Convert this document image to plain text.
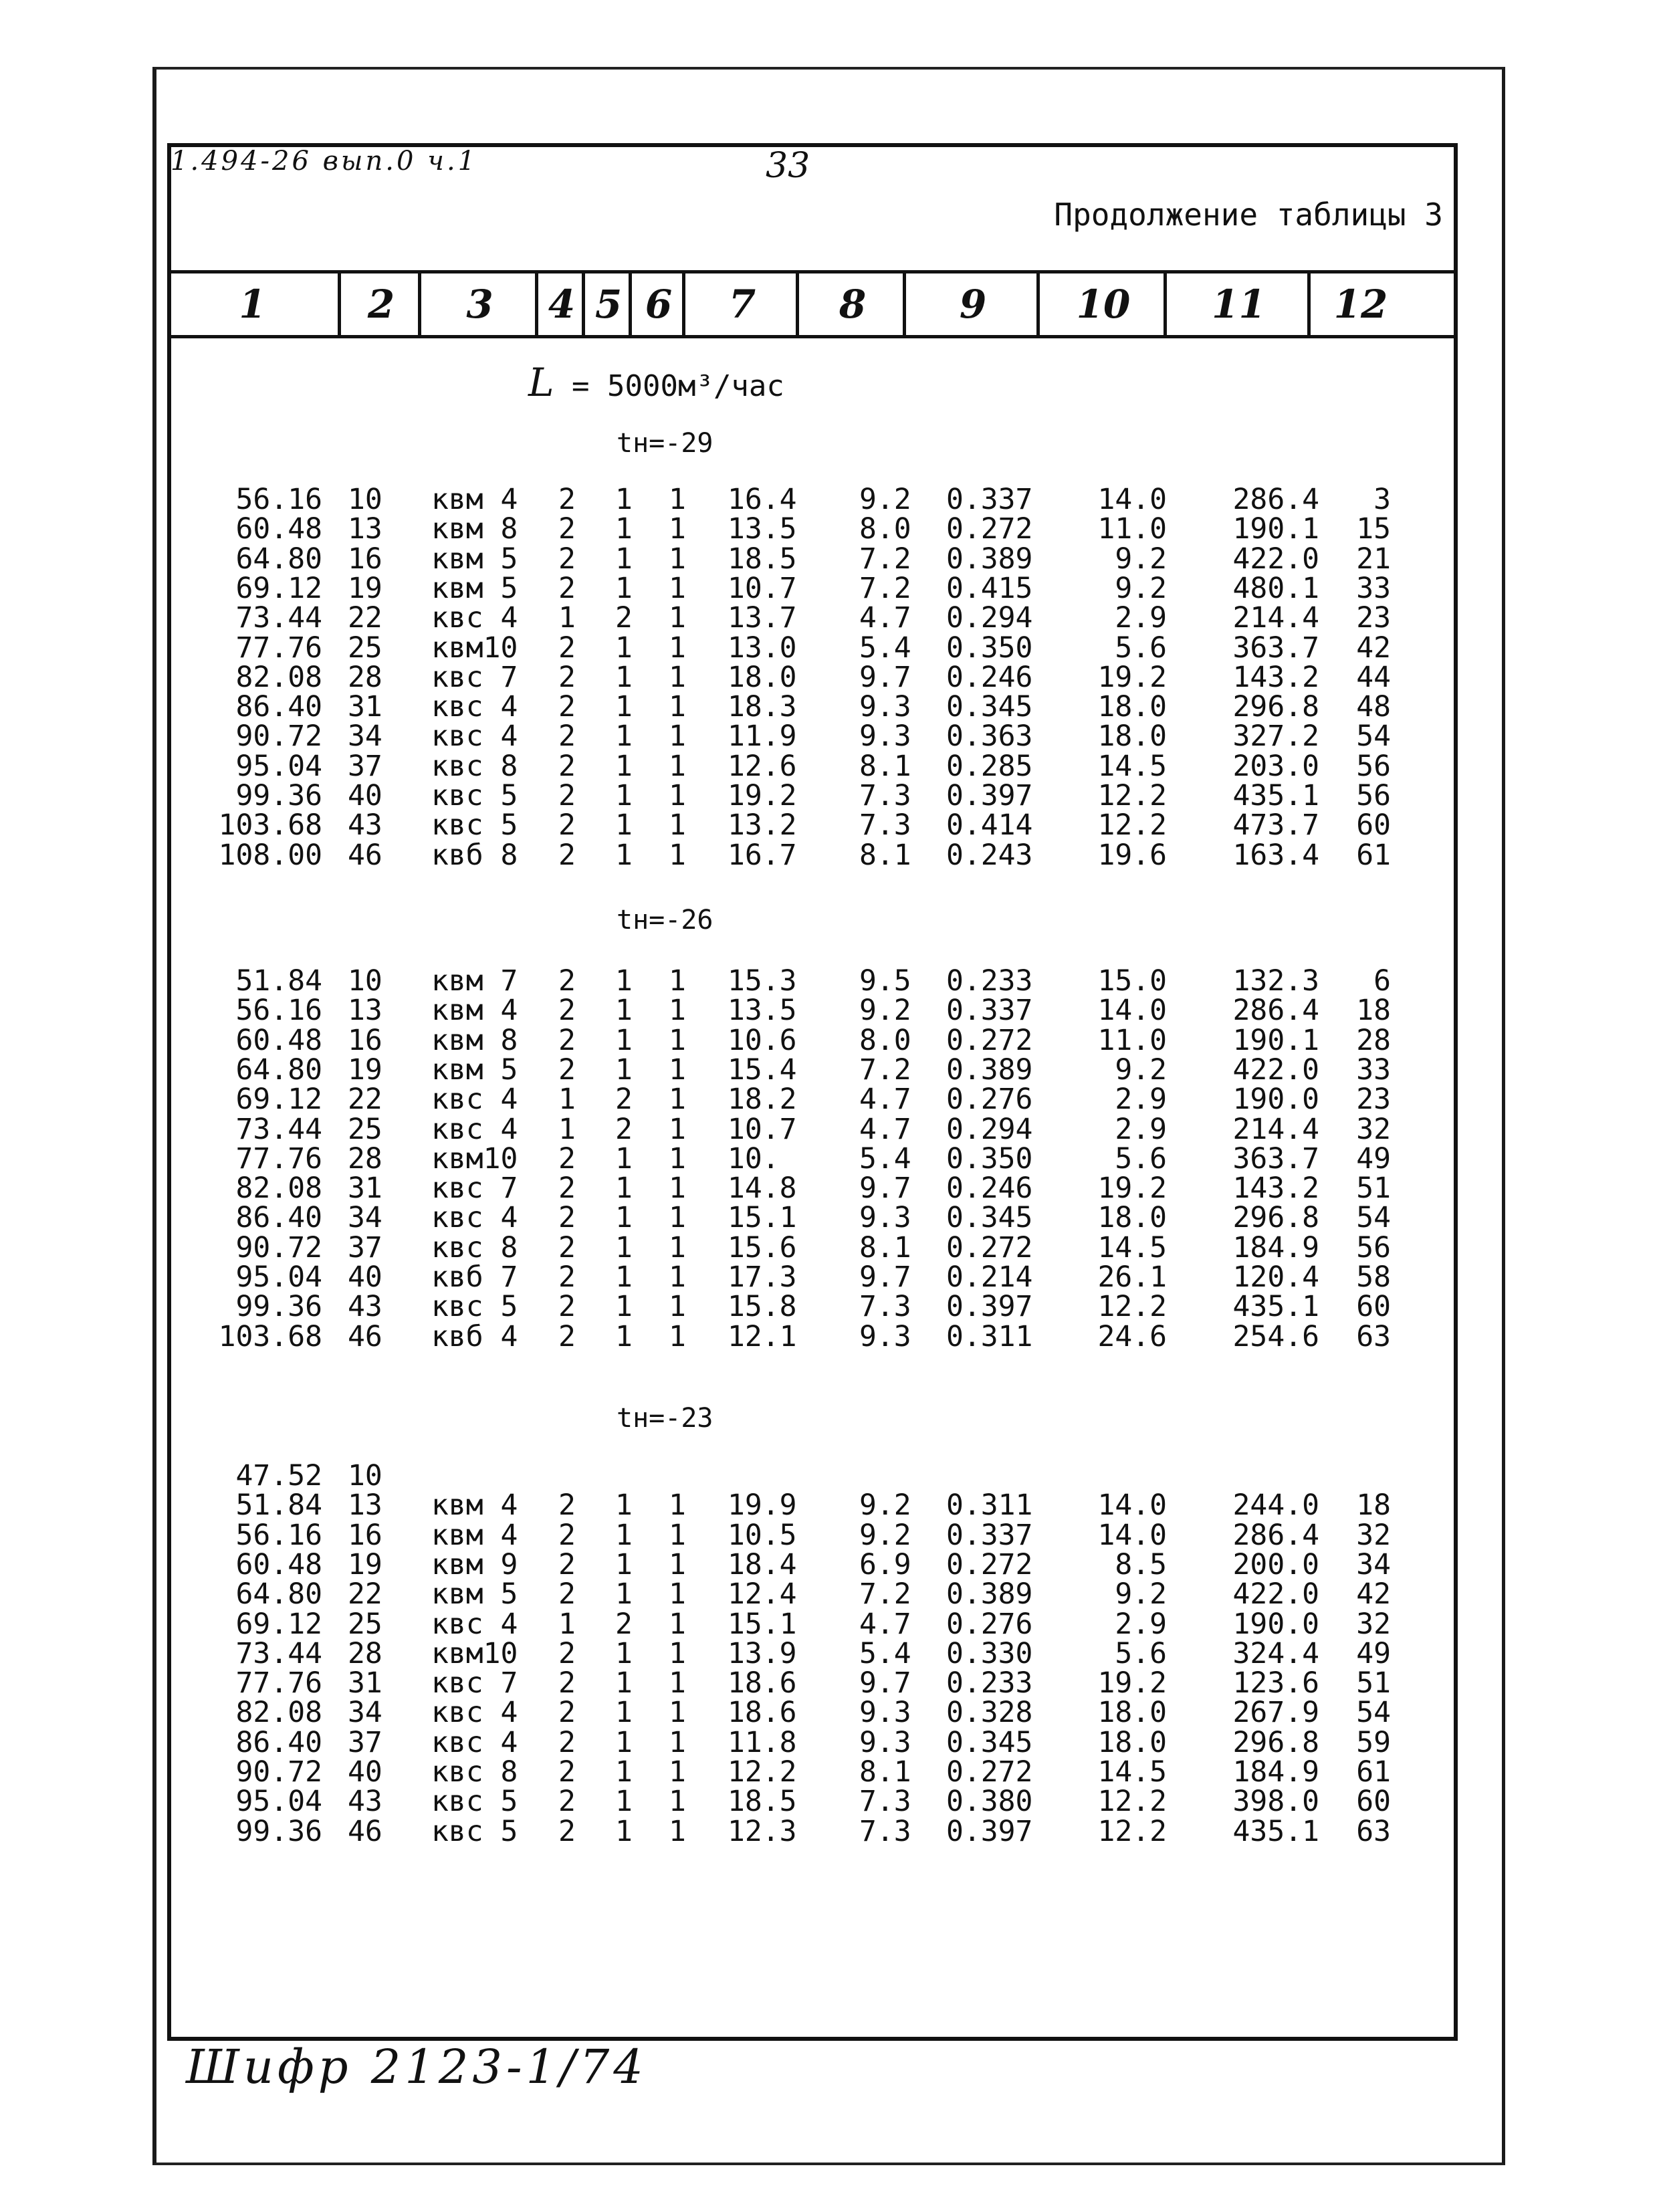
1.494-26 вып.0 ч.1	33
Продолжение таблицы 3
1	2	3	4 5 6	7	8	9	10	11	12
L = 5000м³/час
tн=-29
56.16 10 квм 4 2 1 1 16.4 9.2 0.337 14.0 286.4 3
60.48 13 квм 8 2 1 1 13.5 8.0 0.272 11.0 190.1 15
64.80 16 квм 5 2 1 1 18.5 7.2 0.389	9.2 422.0 21
69.12 19 квм 5 2 1 1 10.7 7.2 0.415	9.2 480.1 33
73.44 22 квс 4 1 2 1 13.7 4.7 0.294	2.9 214.4 23
77.76 25 квм10 2 1 1 13.0 5.4 0.350	5.6 363.7 42
82.08 28 квс 7 2 1 1 18.0 9.7 0.246 19.2 143.2 44
86.40 31 квс 4 2 1 1 18.3 9.3 0.345 18.0 296.8 48
90.72 34 квс 4 2 1 1 11.9 9.3 0.363 18.0 327.2 54
95.04 37 квс 8 2 1 1 12.6 8.1 0.285 14.5 203.0 56
99.36 40 квс 5 2 1 1 19.2 7.3 0.397 12.2 435.1 56
103.68 43 квс 5 2 1 1 13.2 7.3 0.414 12.2 473.7 60
108.00 46 квб 8 2 1 1 16.7 8.1 0.243 19.6 163.4 61
tн=-26
51.84 10 квм 7 2 1 1 15.3 9.5 0.233 15.0 132.3 6
56.16 13 квм 4 2 1 1 13.5 9.2 0.337 14.0 286.4 18
60.48 16 квм 8 2 1 1 10.6 8.0 0.272 11.0 190.1 28
64.80 19 квм 5 2 1 1 15.4 7.2 0.389	9.2 422.0 33
69.12 22 квс 4 1 2 1 18.2 4.7 0.276	2.9 190.0 23
73.44 25 квс 4 1 2 1 10.7 4.7 0.294	2.9 214.4 32
77.76 28 квм10 2 1 1 10.	5.4 0.350	5.6 363.7 49
82.08 31 квс 7 2 1 1 14.8 9.7 0.246 19.2 143.2 51
86.40 34 квс 4 2 1 1 15.1 9.3 0.345 18.0 296.8 54
90.72 37 квс 8 2 1 1 15.6 8.1 0.272 14.5 184.9 56
95.04 40 квб 7 2 1 1 17.3 9.7 0.214 26.1 120.4 58
99.36 43 квс 5 2 1 1 15.8 7.3 0.397 12.2 435.1 60
103.68 46 квб 4 2 1 1 12.1 9.3 0.311 24.6 254.6 63
tн=-23
47.52 10
51.84 13 квм 4 2 1 1 19.9 9.2 0.311 14.0 244.0 18
56.16 16 квм 4 2 1 1 10.5 9.2 0.337 14.0 286.4 32
60.48 19 квм 9 2 1 1 18.4 6.9 0.272	8.5 200.0 34
64.80 22 квм 5 2 1 1 12.4 7.2 0.389	9.2 422.0 42
69.12 25 квс 4 1 2 1 15.1 4.7 0.276	2.9 190.0 32
73.44 28 квм10 2 1 1 13.9 5.4 0.330	5.6 324.4 49
77.76 31 квс 7 2 1 1 18.6 9.7 0.233 19.2 123.6 51
82.08 34 квс 4 2 1 1 18.6 9.3 0.328 18.0 267.9 54
86.40 37 квс 4 2 1 1 11.8 9.3 0.345 18.0 296.8 59
90.72 40 квс 8 2 1 1 12.2 8.1 0.272 14.5 184.9 61
95.04 43 квс 5 2 1 1 18.5 7.3 0.380 12.2 398.0 60
99.36 46 квс 5 2 1 1 12.3 7.3 0.397 12.2 435.1 63
Шифр 2123-1/74
